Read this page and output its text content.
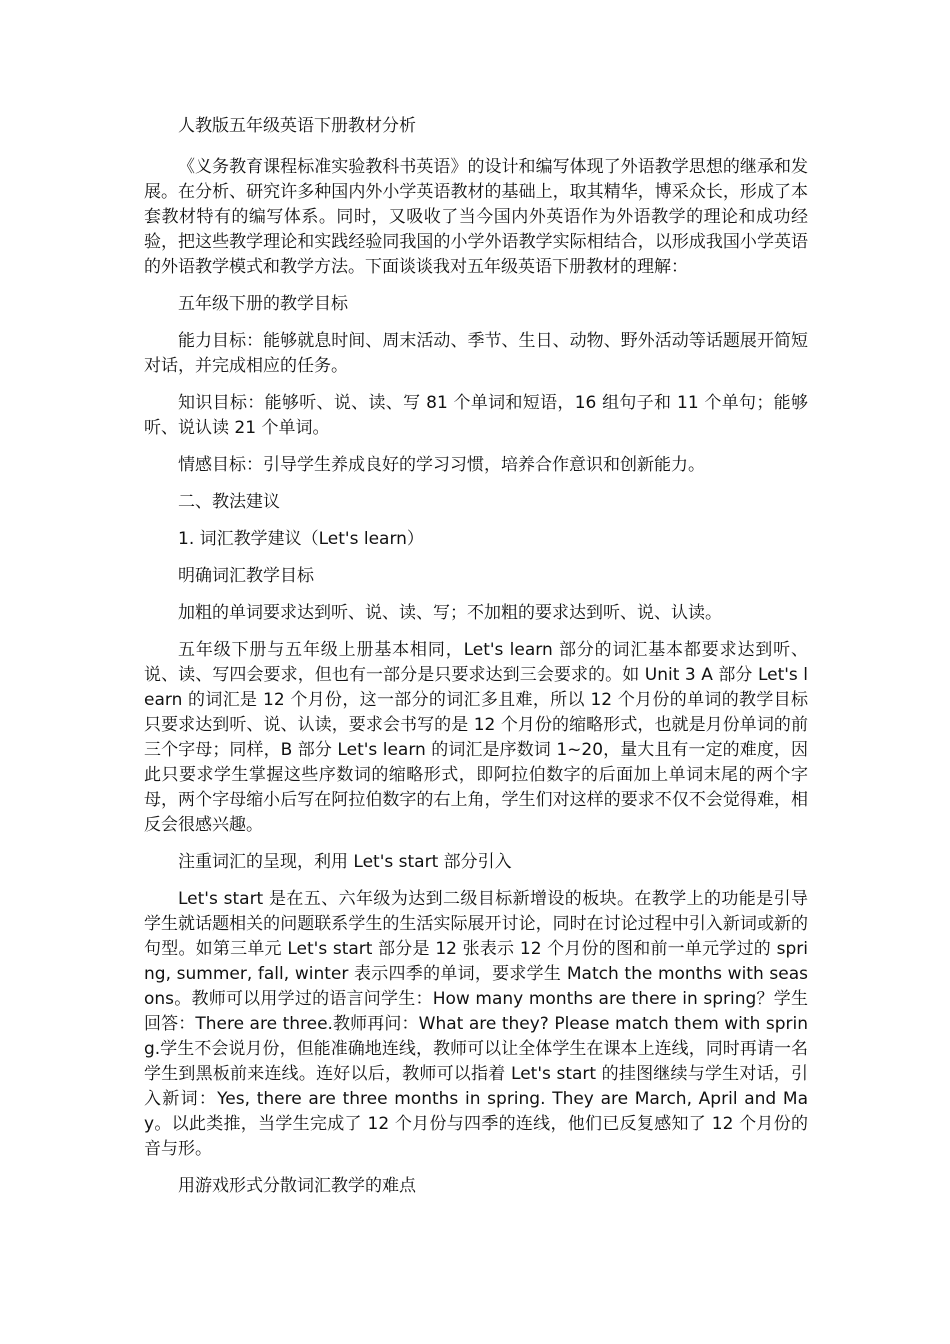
人教版五年级英语下册教材分析

《义务教育课程标准实验教科书英语》的设计和编写体现了外语教学思想的继承和发展。在分析、研究许多种国内外小学英语教材的基础上，取其精华，博采众长，形成了本套教材特有的编写体系。同时，又吸收了当今国内外英语作为外语教学的理论和成功经验，把这些教学理论和实践经验同我国的小学外语教学实际相结合，以形成我国小学英语的外语教学模式和教学方法。下面谈谈我对五年级英语下册教材的理解：

五年级下册的教学目标

能力目标：能够就息时间、周末活动、季节、生日、动物、野外活动等话题展开简短对话，并完成相应的任务。

知识目标：能够听、说、读、写 81 个单词和短语，16 组句子和 11 个单句；能够听、说认读 21 个单词。

情感目标：引导学生养成良好的学习习惯，培养合作意识和创新能力。

二、教法建议

1. 词汇教学建议（Let's learn）

明确词汇教学目标

加粗的单词要求达到听、说、读、写；不加粗的要求达到听、说、认读。

五年级下册与五年级上册基本相同，Let's learn 部分的词汇基本都要求达到听、说、读、写四会要求，但也有一部分是只要求达到三会要求的。如 Unit 3 A 部分 Let's learn 的词汇是 12 个月份，这一部分的词汇多且难，所以 12 个月份的单词的教学目标只要求达到听、说、认读，要求会书写的是 12 个月份的缩略形式，也就是月份单词的前三个字母；同样，B 部分 Let's learn 的词汇是序数词 1~20，量大且有一定的难度，因此只要求学生掌握这些序数词的缩略形式，即阿拉伯数字的后面加上单词末尾的两个字母，两个字母缩小后写在阿拉伯数字的右上角，学生们对这样的要求不仅不会觉得难，相反会很感兴趣。

注重词汇的呈现，利用 Let's start 部分引入

Let's start 是在五、六年级为达到二级目标新增设的板块。在教学上的功能是引导学生就话题相关的问题联系学生的生活实际展开讨论，同时在讨论过程中引入新词或新的句型。如第三单元 Let's start 部分是 12 张表示 12 个月份的图和前一单元学过的 spring, summer, fall, winter 表示四季的单词，要求学生 Match the months with seasons。教师可以用学过的语言问学生：How many months are there in spring？学生回答：There are three.教师再问：What are they? Please match them with spring.学生不会说月份，但能准确地连线，教师可以让全体学生在课本上连线，同时再请一名学生到黑板前来连线。连好以后，教师可以指着 Let's start 的挂图继续与学生对话，引入新词：Yes, there are three months in spring. They are March, April and May。以此类推，当学生完成了 12 个月份与四季的连线，他们已反复感知了 12 个月份的音与形。

用游戏形式分散词汇教学的难点
